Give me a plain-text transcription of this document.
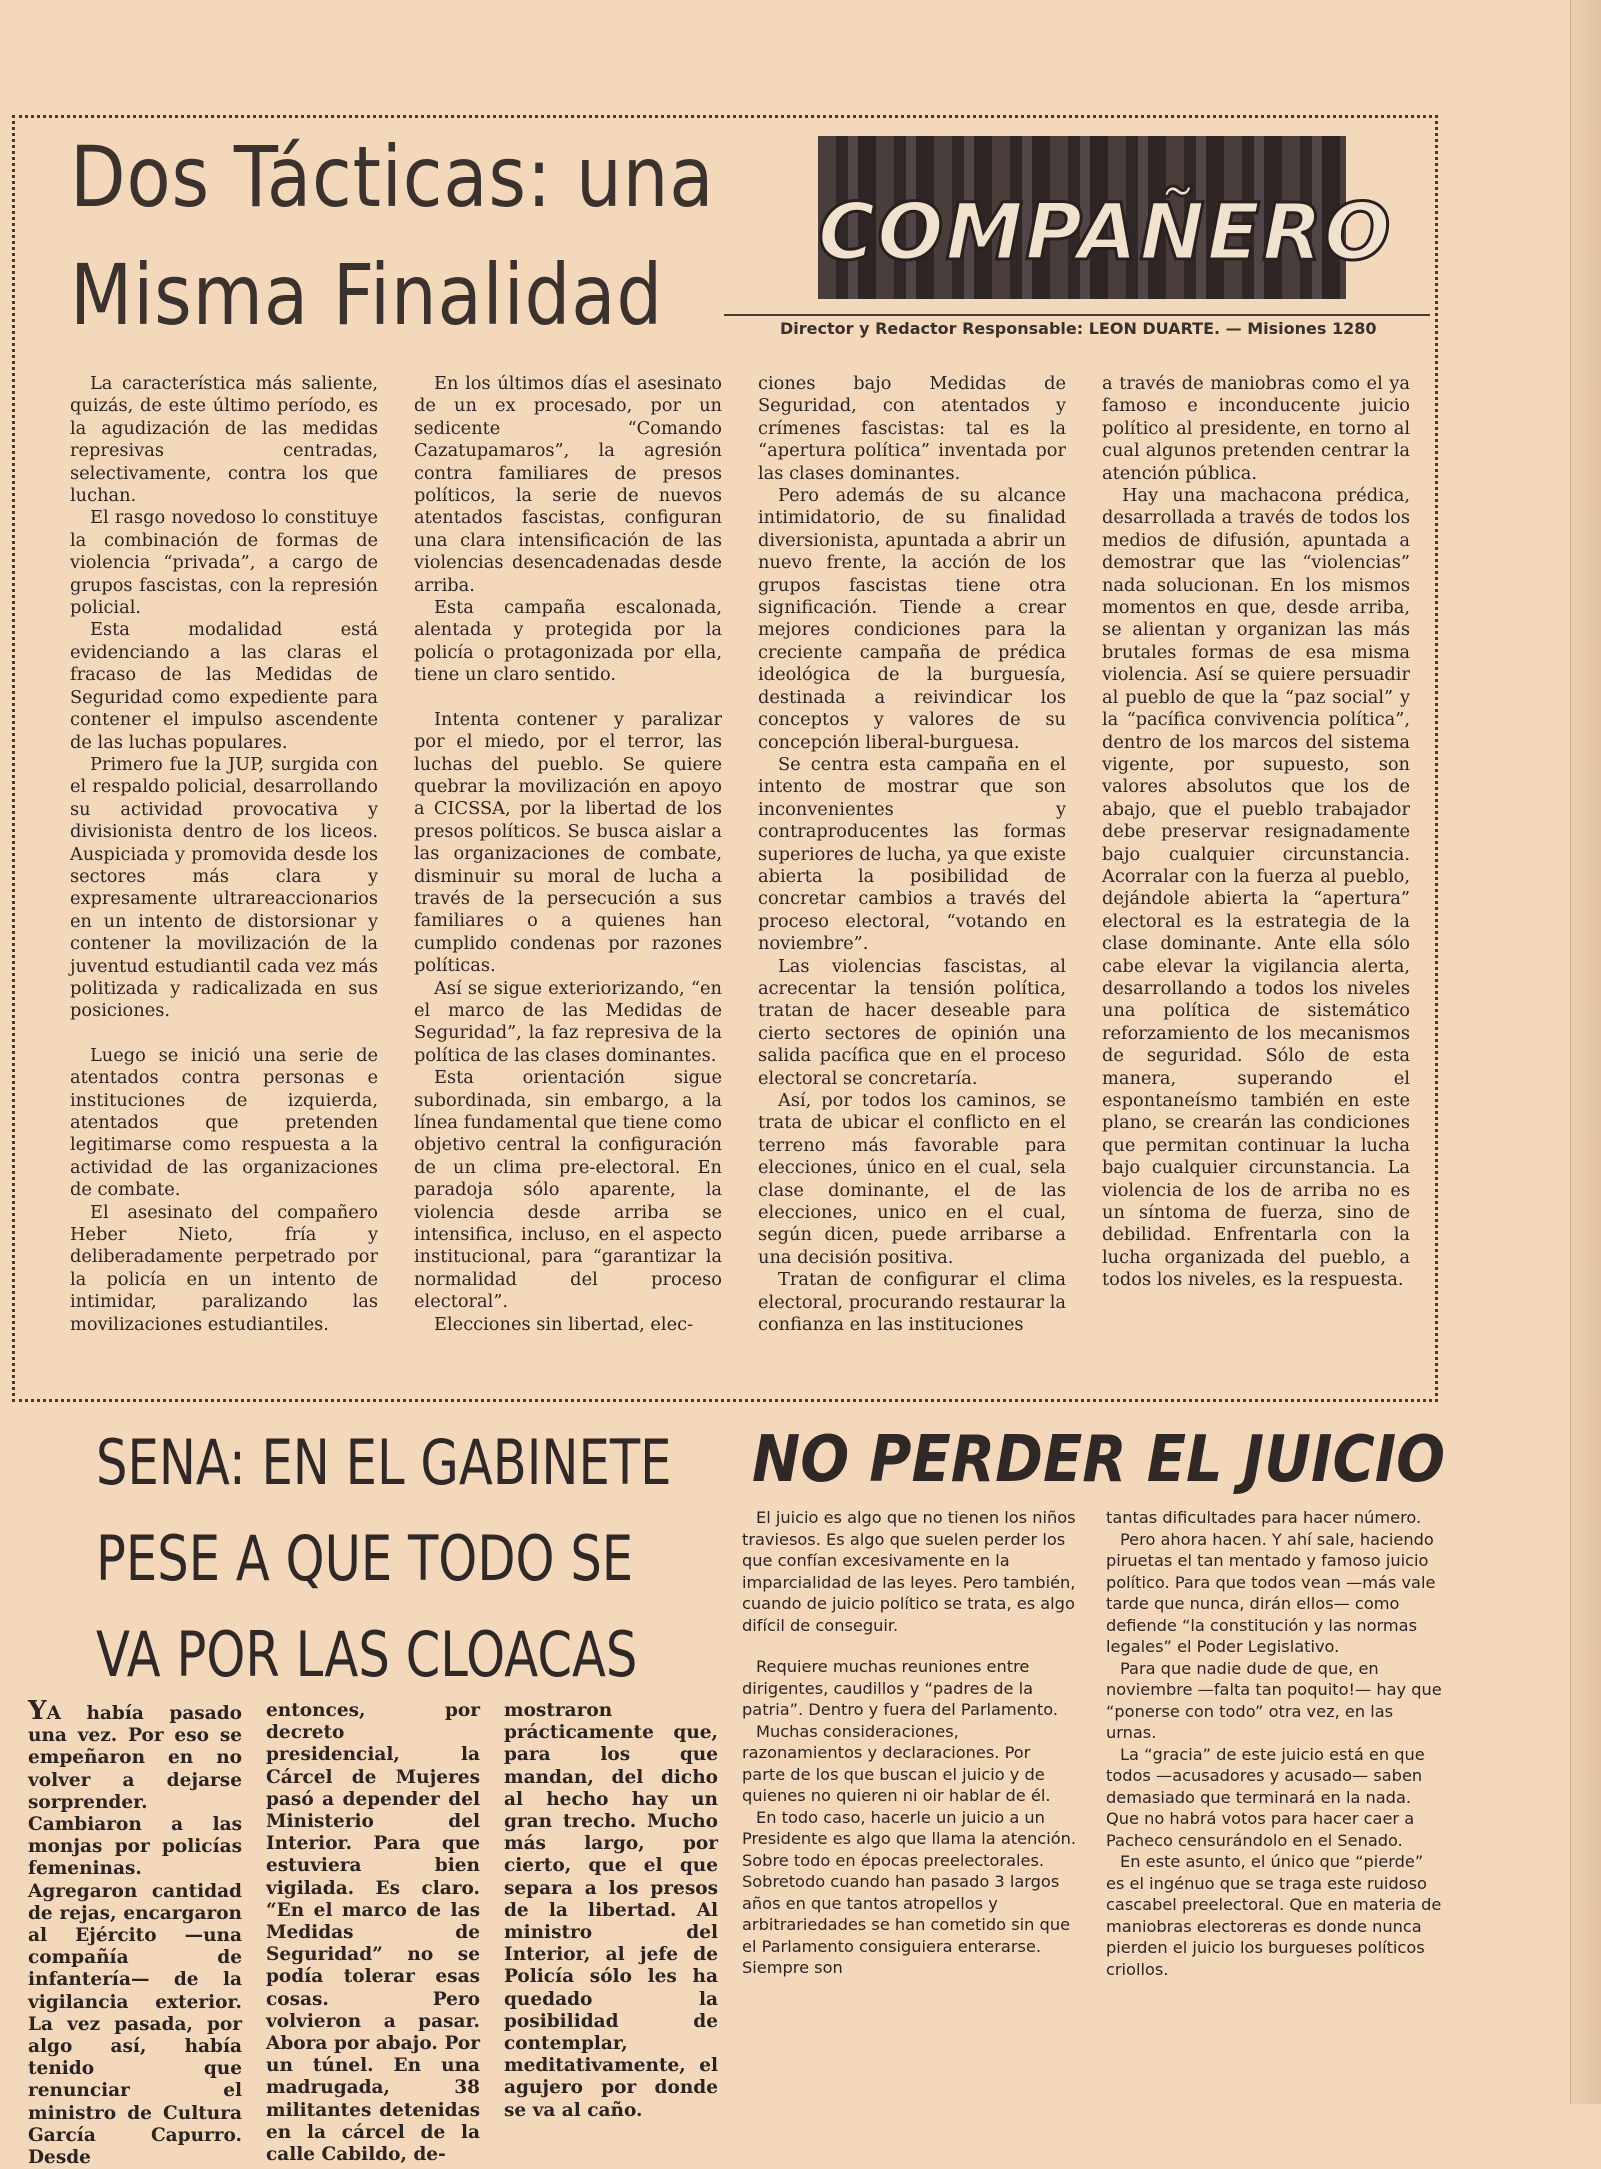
Dos Tácticas: una
Misma Finalidad
COMPAÑERO
Director y Redactor Responsable: LEON DUARTE. — Misiones 1280

La característica más saliente, quizás, de este último período, es la agudización de las medidas represivas centradas, selectivamente, contra los que luchan.

El rasgo novedoso lo constituye la combinación de formas de violencia “privada”, a cargo de grupos fascistas, con la represión policial.

Esta modalidad está evidenciando a las claras el fracaso de las Medidas de Seguridad como expediente para contener el impulso ascendente de las luchas populares.

Primero fue la JUP, surgida con el respaldo policial, desarrollando su actividad provocativa y divisionista dentro de los liceos. Auspiciada y promovida desde los sectores más clara y expresamente ultrareaccionarios en un intento de distorsionar y contener la movilización de la juventud estudiantil cada vez más politizada y radicalizada en sus posiciones.

Luego se inició una serie de atentados contra personas e instituciones de izquierda, atentados que pretenden legitimarse como respuesta a la actividad de las organizaciones de combate.

El asesinato del compañero Heber Nieto, fría y deliberadamente perpetrado por la policía en un intento de intimidar, paralizando las movilizaciones estudiantiles.

En los últimos días el asesinato de un ex procesado, por un sedicente “Comando Cazatupamaros”, la agresión contra familiares de presos políticos, la serie de nuevos atentados fascistas, configuran una clara intensificación de las violencias desencadenadas desde arriba.

Esta campaña escalonada, alentada y protegida por la policía o protagonizada por ella, tiene un claro sentido.

Intenta contener y paralizar por el miedo, por el terror, las luchas del pueblo. Se quiere quebrar la movilización en apoyo a CICSSA, por la libertad de los presos políticos. Se busca aislar a las organizaciones de combate, disminuir su moral de lucha a través de la persecución a sus familiares o a quienes han cumplido condenas por razones políticas.

Así se sigue exteriorizando, “en el marco de las Medidas de Seguridad”, la faz represiva de la política de las clases dominantes.

Esta orientación sigue subordinada, sin embargo, a la línea fundamental que tiene como objetivo central la configuración de un clima pre-electoral. En paradoja sólo aparente, la violencia desde arriba se intensifica, incluso, en el aspecto institucional, para “garantizar la normalidad del proceso electoral”.

Elecciones sin libertad, elec-

ciones bajo Medidas de Seguridad, con atentados y crímenes fascistas: tal es la “apertura política” inventada por las clases dominantes.

Pero además de su alcance intimidatorio, de su finalidad diversionista, apuntada a abrir un nuevo frente, la acción de los grupos fascistas tiene otra significación. Tiende a crear mejores condiciones para la creciente campaña de prédica ideológica de la burguesía, destinada a reivindicar los conceptos y valores de su concepción liberal-burguesa.

Se centra esta campaña en el intento de mostrar que son inconvenientes y contraproducentes las formas superiores de lucha, ya que existe abierta la posibilidad de concretar cambios a través del proceso electoral, “votando en noviembre”.

Las violencias fascistas, al acrecentar la tensión política, tratan de hacer deseable para cierto sectores de opinión una salida pacífica que en el proceso electoral se concretaría.

Así, por todos los caminos, se trata de ubicar el conflicto en el terreno más favorable para elecciones, único en el cual, sela clase dominante, el de las elecciones, unico en el cual, según dicen, puede arribarse a una decisión positiva.

Tratan de configurar el clima electoral, procurando restaurar la confianza en las instituciones

a través de maniobras como el ya famoso e inconducente juicio político al presidente, en torno al cual algunos pretenden centrar la atención pública.

Hay una machacona prédica, desarrollada a través de todos los medios de difusión, apuntada a demostrar que las “violencias” nada solucionan. En los mismos momentos en que, desde arriba, se alientan y organizan las más brutales formas de esa misma violencia. Así se quiere persuadir al pueblo de que la “paz social” y la “pacífica convivencia política”, dentro de los marcos del sistema vigente, por supuesto, son valores absolutos que los de abajo, que el pueblo trabajador debe preservar resignadamente bajo cualquier circunstancia. Acorralar con la fuerza al pueblo, dejándole abierta la “apertura” electoral es la estrategia de la clase dominante. Ante ella sólo cabe elevar la vigilancia alerta, desarrollando a todos los niveles una política de sistemático reforzamiento de los mecanismos de seguridad. Sólo de esta manera, superando el espontaneísmo también en este plano, se crearán las condiciones que permitan continuar la lucha bajo cualquier circunstancia. La violencia de los de arriba no es un síntoma de fuerza, sino de debilidad. Enfrentarla con la lucha organizada del pueblo, a todos los niveles, es la respuesta.

SENA: EN EL GABINETE
PESE A QUE TODO SE
VA POR LAS CLOACAS

YA había pasado una vez. Por eso se empeñaron en no volver a dejarse sorprender. Cambiaron a las monjas por policías femeninas. Agregaron cantidad de rejas, encargaron al Ejército —una compañía de infantería— de la vigilancia exterior. La vez pasada, por algo así, había tenido que renunciar el ministro de Cultura García Capurro. Desde

entonces, por decreto presidencial, la Cárcel de Mujeres pasó a depender del Ministerio del Interior. Para que estuviera bien vigilada. Es claro. “En el marco de las Medidas de Seguridad” no se podía tolerar esas cosas. Pero volvieron a pasar. Abora por abajo. Por un túnel. En una madrugada, 38 militantes detenidas en la cárcel de la calle Cabildo, de-

mostraron prácticamente que, para los que mandan, del dicho al hecho hay un gran trecho. Mucho más largo, por cierto, que el que separa a los presos de la libertad. Al ministro del Interior, al jefe de Policía sólo les ha quedado la posibilidad de contemplar, meditativamente, el agujero por donde se va al caño.

NO PERDER EL JUICIO

El juicio es algo que no tienen los niños traviesos. Es algo que suelen perder los que confían excesivamente en la imparcialidad de las leyes. Pero también, cuando de juicio político se trata, es algo difícil de conseguir.

Requiere muchas reuniones entre dirigentes, caudillos y “padres de la patria”. Dentro y fuera del Parlamento.

Muchas consideraciones, razonamientos y declaraciones. Por parte de los que buscan el juicio y de quienes no quieren ni oir hablar de él.

En todo caso, hacerle un juicio a un Presidente es algo que llama la atención. Sobre todo en épocas preelectorales. Sobretodo cuando han pasado 3 largos años en que tantos atropellos y arbitrariedades se han cometido sin que el Parlamento consiguiera enterarse. Siempre son

tantas dificultades para hacer número.

Pero ahora hacen. Y ahí sale, haciendo piruetas el tan mentado y famoso juicio político. Para que todos vean —más vale tarde que nunca, dirán ellos— como defiende “la constitución y las normas legales” el Poder Legislativo.

Para que nadie dude de que, en noviembre —falta tan poquito!— hay que “ponerse con todo” otra vez, en las urnas.

La “gracia” de este juicio está en que todos —acusadores y acusado— saben demasiado que terminará en la nada. Que no habrá votos para hacer caer a Pacheco censurándolo en el Senado.

En este asunto, el único que “pierde” es el ingénuo que se traga este ruidoso cascabel preelectoral. Que en materia de maniobras electoreras es donde nunca pierden el juicio los burgueses políticos criollos.
